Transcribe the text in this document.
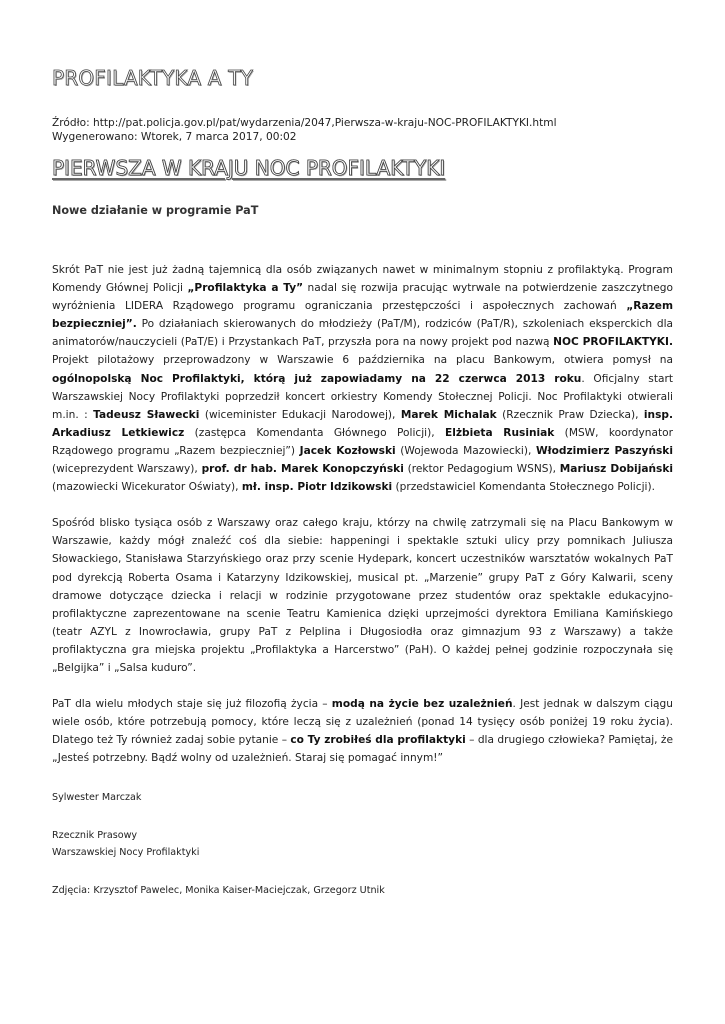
PROFILAKTYKA A TY
Źródło: http://pat.policja.gov.pl/pat/wydarzenia/2047,Pierwsza-w-kraju-NOC-PROFILAKTYKI.html
Wygenerowano: Wtorek, 7 marca 2017, 00:02
PIERWSZA W KRAJU NOC PROFILAKTYKI
Nowe działanie w programie PaT

Skrót PaT nie jest już żadną tajemnicą dla osób związanych nawet w minimalnym stopniu z profilaktyką. Program Komendy Głównej Policji „Profilaktyka a Ty” nadal się rozwija pracując wytrwale na potwierdzenie zaszczytnego wyróżnienia LIDERA Rządowego programu ograniczania przestępczości i aspołecznych zachowań „Razem bezpieczniej”. Po działaniach skierowanych do młodzieży (PaT/M), rodziców (PaT/R), szkoleniach eksperckich dla animatorów/nauczycieli (PaT/E) i Przystankach PaT, przyszła pora na nowy projekt pod nazwą NOC PROFILAKTYKI. Projekt pilotażowy przeprowadzony w Warszawie 6 października na placu Bankowym, otwiera pomysł na ogólnopolską Noc Profilaktyki, którą już zapowiadamy na 22 czerwca 2013 roku. Oficjalny start Warszawskiej Nocy Profilaktyki poprzedził koncert orkiestry Komendy Stołecznej Policji. Noc Profilaktyki otwierali m.in. : Tadeusz Sławecki (wiceminister Edukacji Narodowej), Marek Michalak (Rzecznik Praw Dziecka), insp. Arkadiusz Letkiewicz (zastępca Komendanta Głównego Policji), Elżbieta Rusiniak (MSW, koordynator Rządowego programu „Razem bezpieczniej”) Jacek Kozłowski (Wojewoda Mazowiecki), Włodzimierz Paszyński (wiceprezydent Warszawy), prof. dr hab. Marek Konopczyński (rektor Pedagogium WSNS), Mariusz Dobijański (mazowiecki Wicekurator Oświaty), mł. insp. Piotr Idzikowski (przedstawiciel Komendanta Stołecznego Policji).

Spośród blisko tysiąca osób z Warszawy oraz całego kraju, którzy na chwilę zatrzymali się na Placu Bankowym w Warszawie, każdy mógł znaleźć coś dla siebie: happeningi i spektakle sztuki ulicy przy pomnikach Juliusza Słowackiego, Stanisława Starzyńskiego oraz przy scenie Hydepark, koncert uczestników warsztatów wokalnych PaT pod dyrekcją Roberta Osama i Katarzyny Idzikowskiej, musical pt. „Marzenie” grupy PaT z Góry Kalwarii, sceny dramowe dotyczące dziecka i relacji w rodzinie przygotowane przez studentów oraz spektakle edukacyjno-profilaktyczne zaprezentowane na scenie Teatru Kamienica dzięki uprzejmości dyrektora Emiliana Kamińskiego (teatr AZYL z Inowrocławia, grupy PaT z Pelplina i Długosiodła oraz gimnazjum 93 z Warszawy) a także profilaktyczna gra miejska projektu „Profilaktyka a Harcerstwo” (PaH). O każdej pełnej godzinie rozpoczynała się „Belgijka” i „Salsa kuduro”.

PaT dla wielu młodych staje się już filozofią życia – modą na życie bez uzależnień. Jest jednak w dalszym ciągu wiele osób, które potrzebują pomocy, które leczą się z uzależnień (ponad 14 tysięcy osób poniżej 19 roku życia). Dlatego też Ty również zadaj sobie pytanie – co Ty zrobiłeś dla profilaktyki – dla drugiego człowieka? Pamiętaj, że „Jesteś potrzebny. Bądź wolny od uzależnień. Staraj się pomagać innym!”

Sylwester Marczak

Rzecznik Prasowy

Warszawskiej Nocy Profilaktyki

Zdjęcia: Krzysztof Pawelec, Monika Kaiser-Maciejczak, Grzegorz Utnik
